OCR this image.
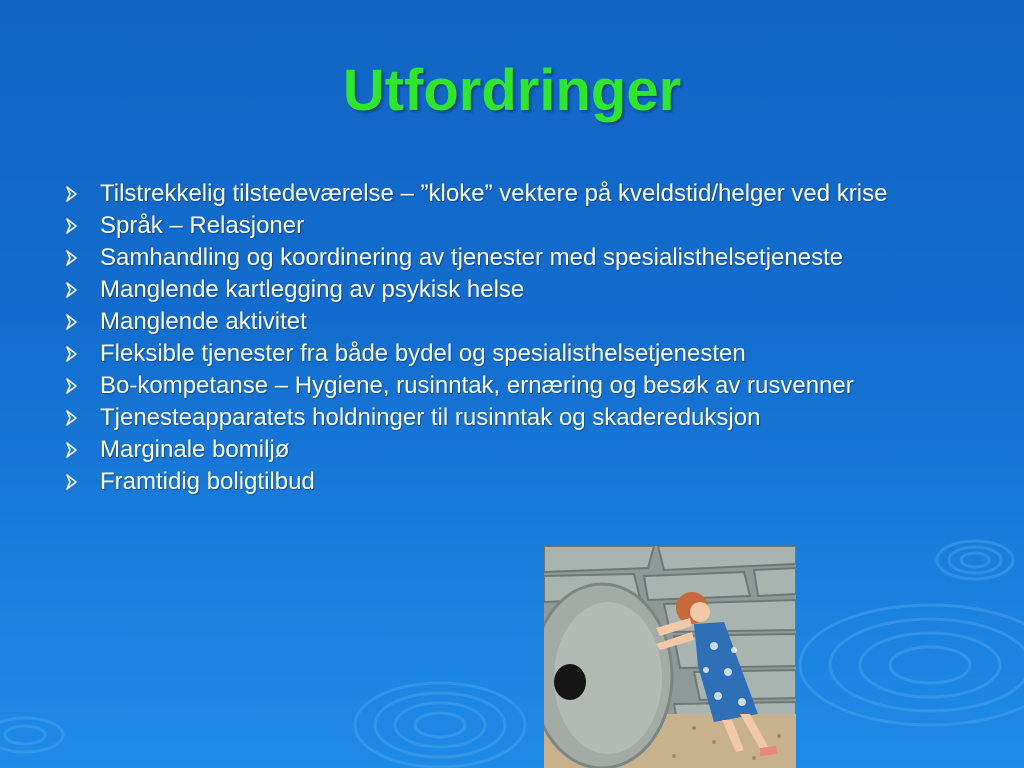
Utfordringer
Tilstrekkelig tilstedeværelse – ”kloke” vektere på kveldstid/helger ved krise
Språk – Relasjoner
Samhandling og koordinering av tjenester med spesialisthelsetjeneste
Manglende kartlegging av psykisk helse
Manglende aktivitet
Fleksible tjenester fra både bydel og spesialisthelsetjenesten
Bo-kompetanse – Hygiene, rusinntak, ernæring og besøk av rusvenner
Tjenesteapparatets holdninger til rusinntak og skadereduksjon
Marginale bomiljø
Framtidig boligtilbud
